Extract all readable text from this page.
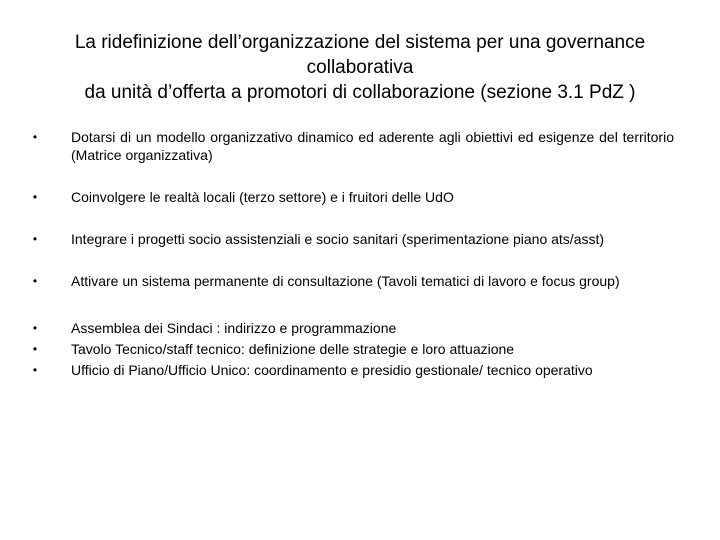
La ridefinizione dell’organizzazione del sistema per una governance
collaborativa
da unità d’offerta a promotori di collaborazione (sezione 3.1 PdZ )
• Dotarsi di un modello organizzativo dinamico ed aderente agli obiettivi ed esigenze del territorio (Matrice organizzativa)
• Coinvolgere le realtà locali (terzo settore) e i fruitori delle UdO
• Integrare i progetti socio assistenziali e socio sanitari (sperimentazione piano ats/asst)
• Attivare un sistema permanente di consultazione (Tavoli tematici di lavoro e focus group)
• Assemblea dei Sindaci : indirizzo e programmazione
• Tavolo Tecnico/staff tecnico: definizione delle strategie e loro attuazione
• Ufficio di Piano/Ufficio Unico: coordinamento e presidio gestionale/ tecnico operativo
